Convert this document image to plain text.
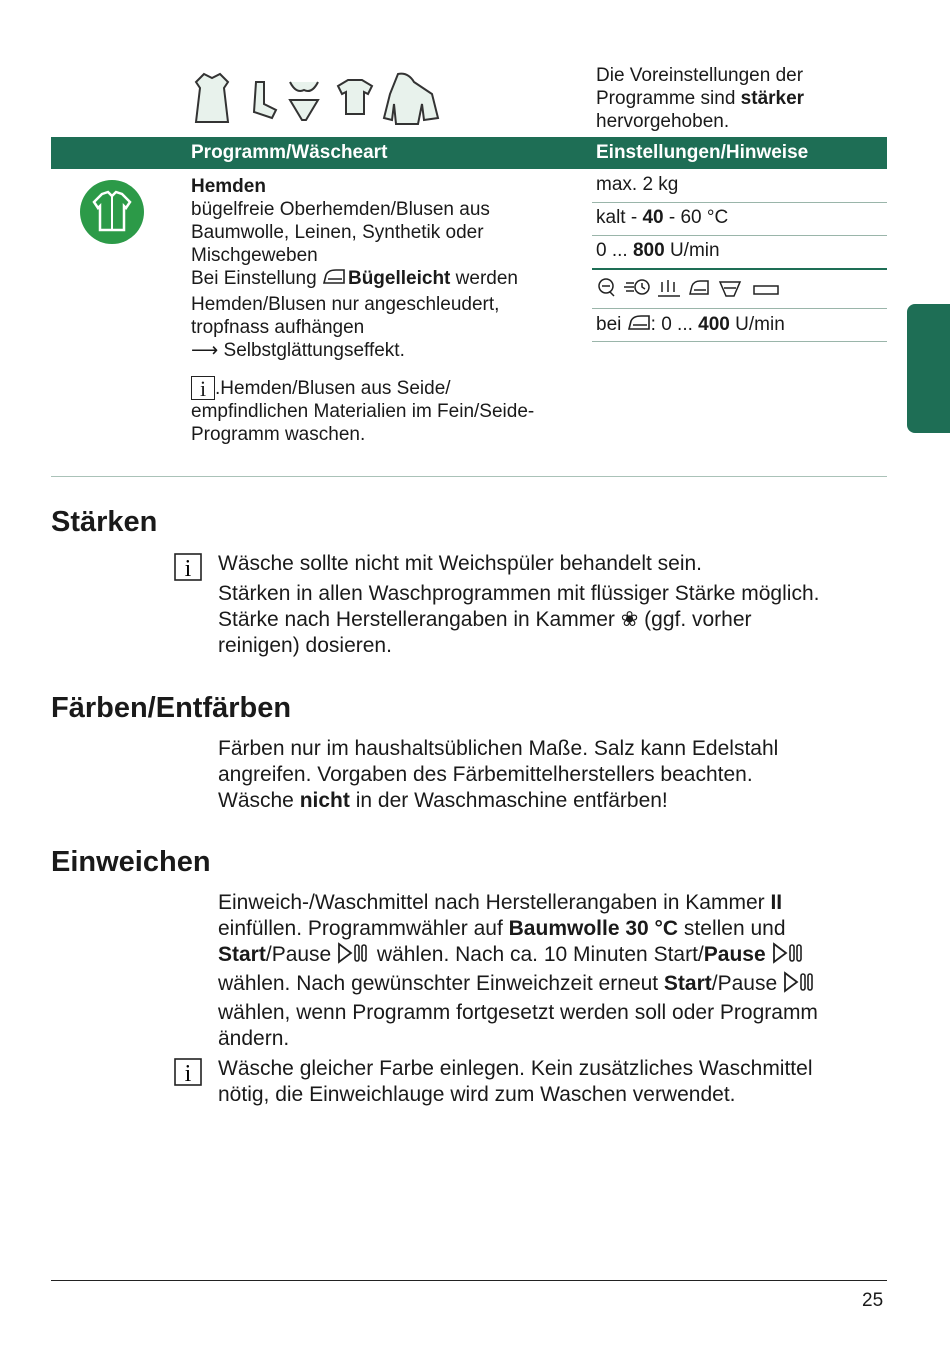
Die Voreinstellungen der
Programme sind stärker
hervorgehoben.
Programm/Wäscheart	Einstellungen/Hinweise
Hemden
bügelfreie Oberhemden/Blusen aus
Baumwolle, Leinen, Synthetik oder
Mischgeweben
Bei Einstellung Bügelleicht werden
Hemden/Blusen nur angeschleudert,
tropfnass aufhängen
⟶ Selbstglättungseffekt.
i .Hemden/Blusen aus Seide/
empfindlichen Materialien im Fein/Seide-
Programm waschen.
max. 2 kg
kalt - 40 - 60 °C
0 ... 800 U/min
bei : 0 ... 400 U/min
Stärken
i Wäsche sollte nicht mit Weichspüler behandelt sein.
Stärken in allen Waschprogrammen mit flüssiger Stärke möglich.
Stärke nach Herstellerangaben in Kammer ❀ (ggf. vorher
reinigen) dosieren.
Färben/Entfärben
Färben nur im haushaltsüblichen Maße. Salz kann Edelstahl
angreifen. Vorgaben des Färbemittelherstellers beachten.
Wäsche nicht in der Waschmaschine entfärben!
Einweichen
Einweich-/Waschmittel nach Herstellerangaben in Kammer II
einfüllen. Programmwähler auf Baumwolle 30 °C stellen und
Start/Pause  wählen. Nach ca. 10 Minuten Start/Pause
wählen. Nach gewünschter Einweichzeit erneut Start/Pause
wählen, wenn Programm fortgesetzt werden soll oder Programm
ändern.
i Wäsche gleicher Farbe einlegen. Kein zusätzliches Waschmittel
nötig, die Einweichlauge wird zum Waschen verwendet.
25
